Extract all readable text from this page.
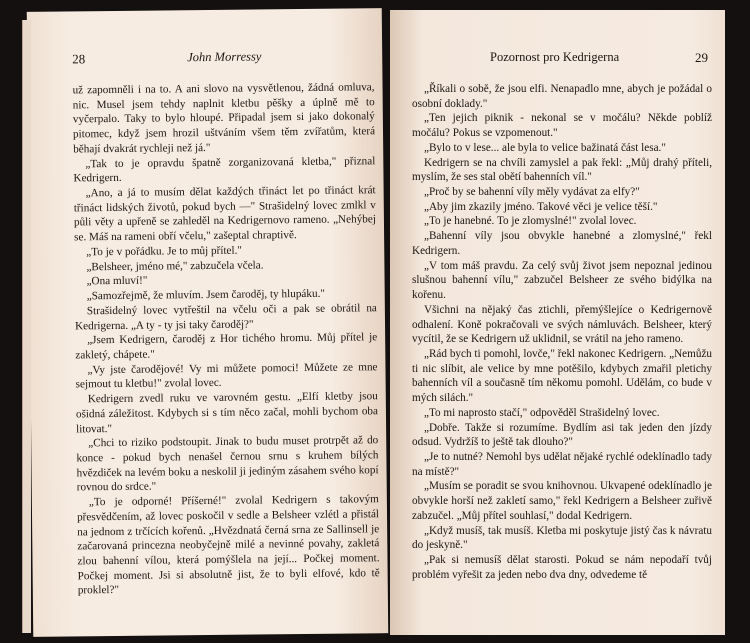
28	John Morressy

už zapomněli i na to. A ani slovo na vysvětlenou, žádná omluva, nic. Musel jsem tehdy naplnit kletbu pěšky a úplně mě to vyčerpalo. Taky to bylo hloupé. Připadal jsem si jako dokonalý pitomec, když jsem hrozil uštváním všem těm zvířatům, která běhají dvakrát rychleji než já."

„Tak to je opravdu špatně zorganizovaná kletba," přiznal Kedrigern.

„Ano, a já to musím dělat každých třináct let po třináct krát třináct lidských životů, pokud bych —" Strašidelný lovec zmlkl v půli věty a upřeně se zahleděl na Kedrigernovo rameno. „Nehýbej se. Máš na rameni obří včelu," zašeptal chraptivě.

„To je v pořádku. Je to můj přítel."

„Belsheer, jméno mé," zabzučela včela.

„Ona mluví!"

„Samozřejmě, že mluvím. Jsem čaroděj, ty hlupáku."

Strašidelný lovec vytřeštil na včelu oči a pak se obrátil na Kedrigerna. „A ty - ty jsi taky čaroděj?"

„Jsem Kedrigern, čaroděj z Hor tichého hromu. Můj přítel je zakletý, chápete."

„Vy jste čarodějové! Vy mi můžete pomoci! Můžete ze mne sejmout tu kletbu!" zvolal lovec.

Kedrigern zvedl ruku ve varovném gestu. „Elfí kletby jsou ošidná záležitost. Kdybych si s tím něco začal, mohli bychom oba litovat."

„Chci to riziko podstoupit. Jinak to budu muset protrpět až do konce - pokud bych nenašel černou srnu s kruhem bílých hvězdiček na levém boku a neskolil ji jediným zásahem svého kopí rovnou do srdce."

„To je odporné! Příšerné!" zvolal Kedrigern s takovým přesvědčením, až lovec poskočil v sedle a Belsheer vzlétl a přistál na jednom z trčících kořenů. „Hvězdnatá černá srna ze Sallinsell je začarovaná princezna neobyčejně milé a nevinné povahy, zakletá zlou bahenní vílou, která pomýšlela na její... Počkej moment. Počkej moment. Jsi si absolutně jist, že to byli elfové, kdo tě proklel?"

Pozornost pro Kedrigerna	29

„Říkali o sobě, že jsou elfi. Nenapadlo mne, abych je požádal o osobní doklady."

„Ten jejich piknik - nekonal se v močálu? Někde poblíž močálu? Pokus se vzpomenout."

„Bylo to v lese... ale byla to velice bažinatá část lesa."

Kedrigern se na chvíli zamyslel a pak řekl: „Můj drahý příteli, myslím, že ses stal obětí bahenních víl."

„Proč by se bahenní víly měly vydávat za elfy?"

„Aby jim zkazily jméno. Takové věci je velice těší."

„To je hanebné. To je zlomyslné!" zvolal lovec.

„Bahenní víly jsou obvykle hanebné a zlomyslné," řekl Kedrigern.

„V tom máš pravdu. Za celý svůj život jsem nepoznal jedinou slušnou bahenní vílu," zabzučel Belsheer ze svého bidýlka na kořenu.

Všichni na nějaký čas ztichli, přemýšlejíce o Kedrigernově odhalení. Koně pokračovali ve svých námluvách. Belsheer, který vycítil, že se Kedrigern už uklidnil, se vrátil na jeho rameno.

„Rád bych ti pomohl, lovče," řekl nakonec Kedrigern. „Nemůžu ti nic slíbit, ale velice by mne potěšilo, kdybych zmařil pletichy bahenních víl a současně tím někomu pomohl. Udělám, co bude v mých silách."

„To mi naprosto stačí," odpověděl Strašidelný lovec.

„Dobře. Takže si rozumíme. Bydlím asi tak jeden den jízdy odsud. Vydržíš to ještě tak dlouho?"

„Je to nutné? Nemohl bys udělat nějaké rychlé odeklínadlo tady na místě?"

„Musím se poradit se svou knihovnou. Ukvapené odeklínadlo je obvykle horší než zakletí samo," řekl Kedrigern a Belsheer zuřivě zabzučel. „Můj přítel souhlasí," dodal Kedrigern.

„Když musíš, tak musíš. Kletba mi poskytuje jistý čas k návratu do jeskyně."

„Pak si nemusíš dělat starosti. Pokud se nám nepodaří tvůj problém vyřešit za jeden nebo dva dny, odvedeme tě
